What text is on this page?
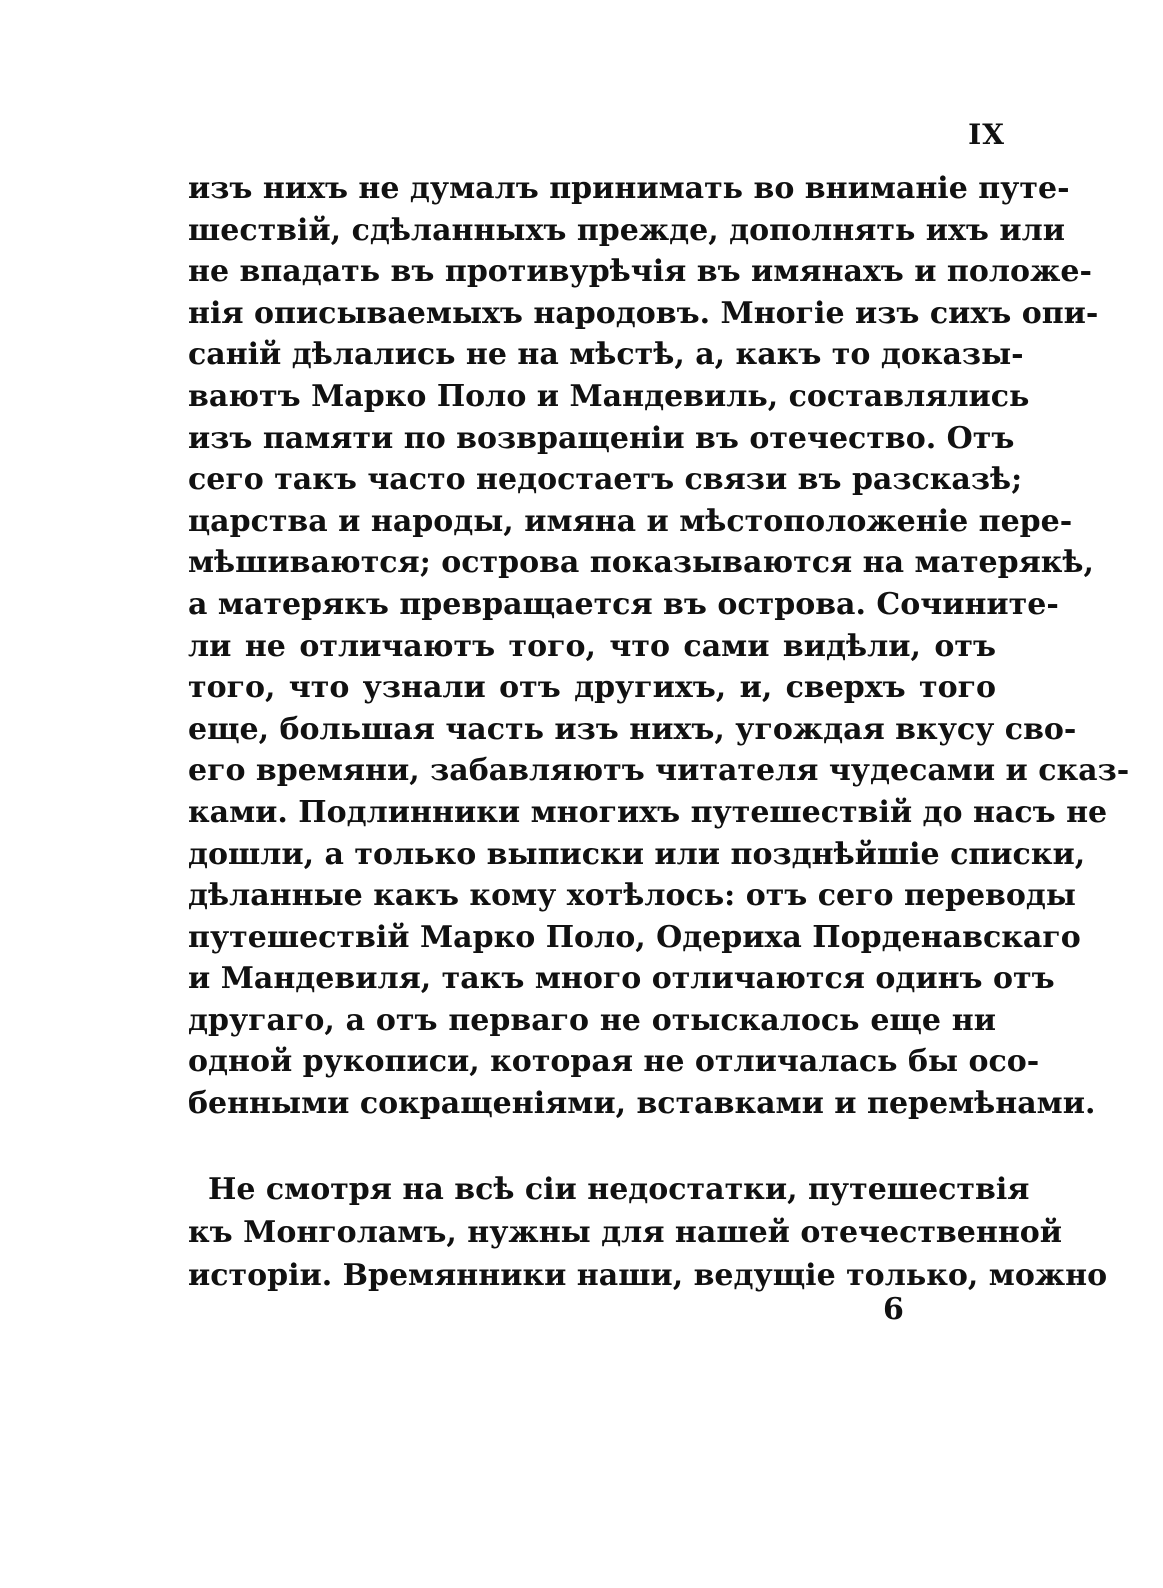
IX
изъ нихъ не думалъ принимать во вниманіе путе-
шествій, сдѣланныхъ прежде, дополнять ихъ или
не впадать въ противурѣчія въ имянахъ и положе-
нія описываемыхъ народовъ. Многіе изъ сихъ опи-
саній дѣлались не на мѣстѣ, а, какъ то доказы-
ваютъ Марко Поло и Мандевиль, составлялись
изъ памяти по возвращеніи въ отечество. Отъ
сего такъ часто недостаетъ связи въ разсказѣ;
царства и народы, имяна и мѣстоположеніе пере-
мѣшиваются; острова показываются на матерякѣ,
а матерякъ превращается въ острова. Сочините-
ли не отличаютъ того, что сами видѣли, отъ
того, что узнали отъ другихъ, и, сверхъ того
еще, большая часть изъ нихъ, угождая вкусу сво-
его времяни, забавляютъ читателя чудесами и сказ-
ками. Подлинники многихъ путешествій до насъ не
дошли, а только выписки или позднѣйшіе списки,
дѣланные какъ кому хотѣлось: отъ сего переводы
путешествій Марко Поло, Одериха Порденавскаго
и Мандевиля, такъ много отличаются одинъ отъ
другаго, а отъ перваго не отыскалось еще ни
одной рукописи, которая не отличалась бы осо-
бенными сокращеніями, вставками и перемѣнами.
Не смотря на всѣ сіи недостатки, путешествія
къ Монголамъ, нужны для нашей отечественной
исторіи. Времянники наши, ведущіе только, можно
6
